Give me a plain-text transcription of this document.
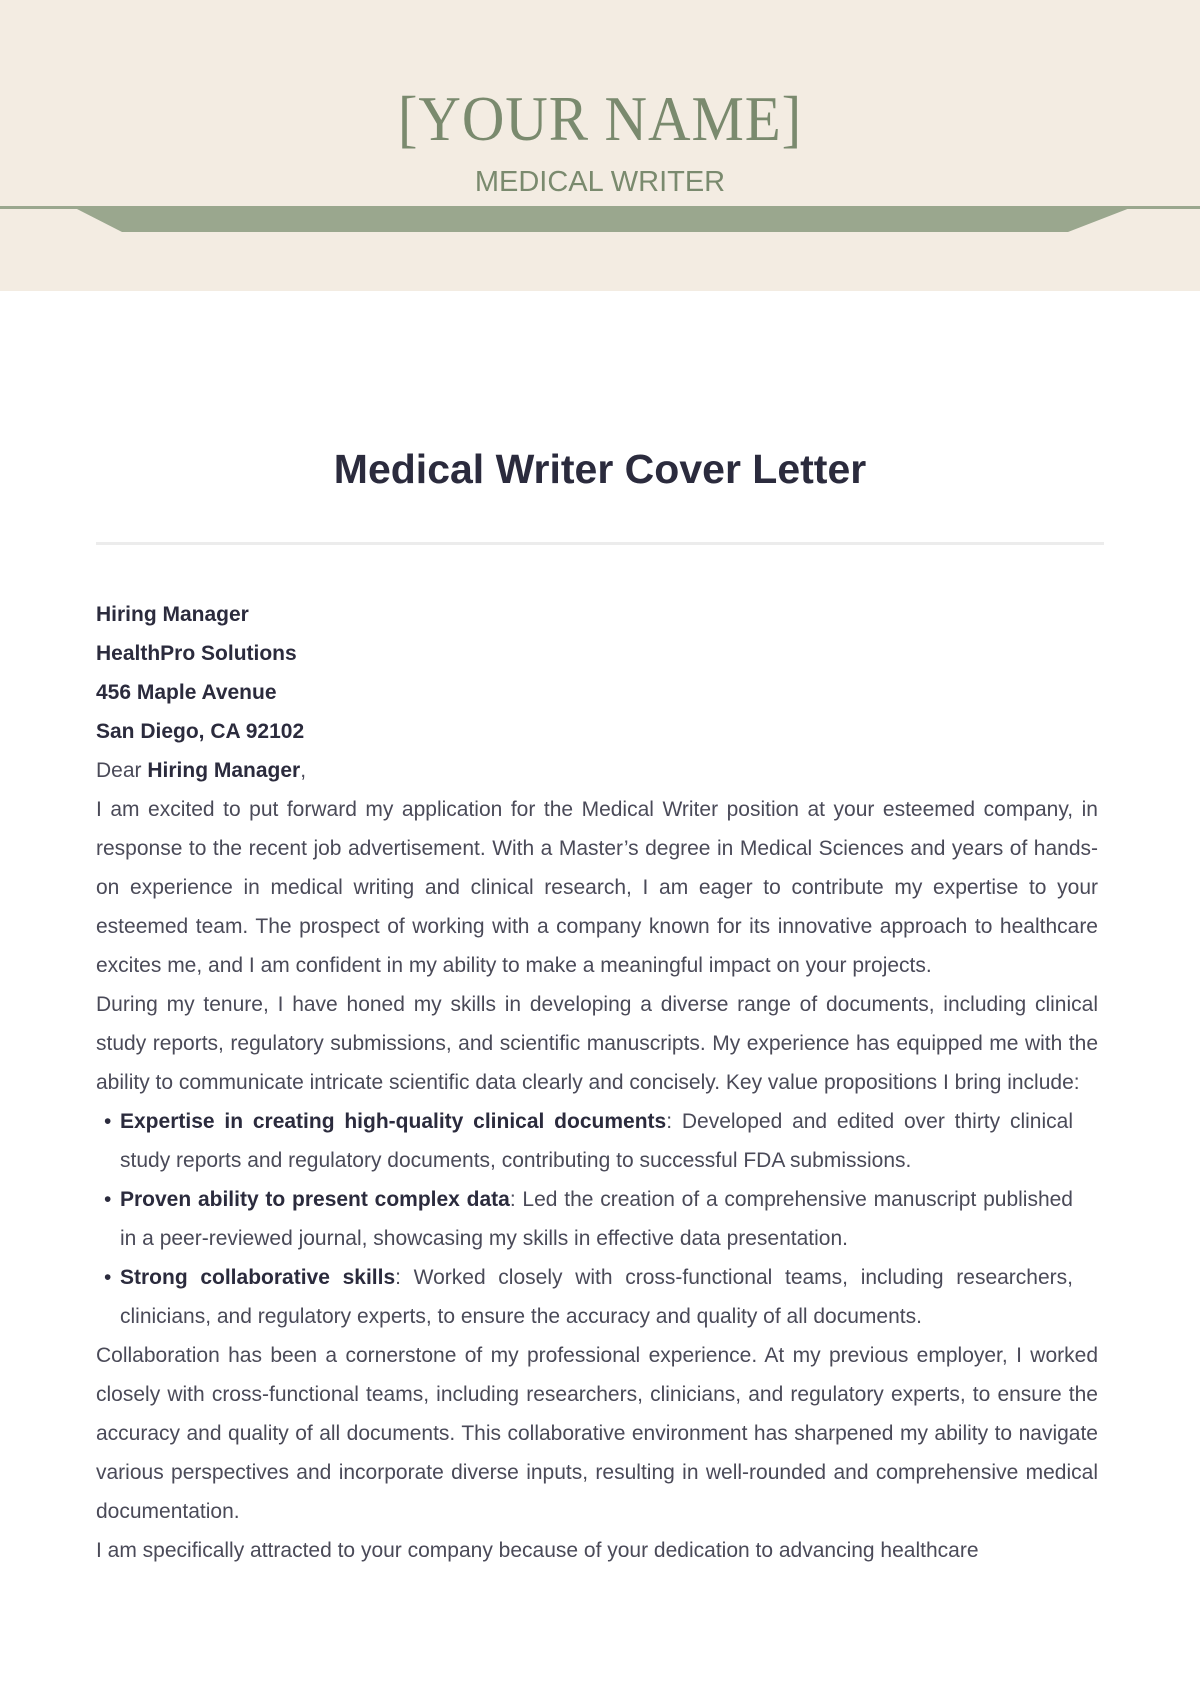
[YOUR NAME]
MEDICAL WRITER
Medical Writer Cover Letter

Hiring Manager

HealthPro Solutions

456 Maple Avenue

San Diego, CA 92102

Dear Hiring Manager,

I am excited to put forward my application for the Medical Writer position at your esteemed company, in response to the recent job advertisement. With a Master’s degree in Medical Sciences and years of hands-on experience in medical writing and clinical research, I am eager to contribute my expertise to your esteemed team. The prospect of working with a company known for its innovative approach to healthcare excites me, and I am confident in my ability to make a meaningful impact on your projects.

During my tenure, I have honed my skills in developing a diverse range of documents, including clinical study reports, regulatory submissions, and scientific manuscripts. My experience has equipped me with the ability to communicate intricate scientific data clearly and concisely. Key value propositions I bring include:

• Expertise in creating high-quality clinical documents: Developed and edited over thirty clinical study reports and regulatory documents, contributing to successful FDA submissions.
• Proven ability to present complex data: Led the creation of a comprehensive manuscript published in a peer-reviewed journal, showcasing my skills in effective data presentation.
• Strong collaborative skills: Worked closely with cross-functional teams, including researchers, clinicians, and regulatory experts, to ensure the accuracy and quality of all documents.

Collaboration has been a cornerstone of my professional experience. At my previous employer, I worked closely with cross-functional teams, including researchers, clinicians, and regulatory experts, to ensure the accuracy and quality of all documents. This collaborative environment has sharpened my ability to navigate various perspectives and incorporate diverse inputs, resulting in well-rounded and comprehensive medical documentation.

I am specifically attracted to your company because of your dedication to advancing healthcare
